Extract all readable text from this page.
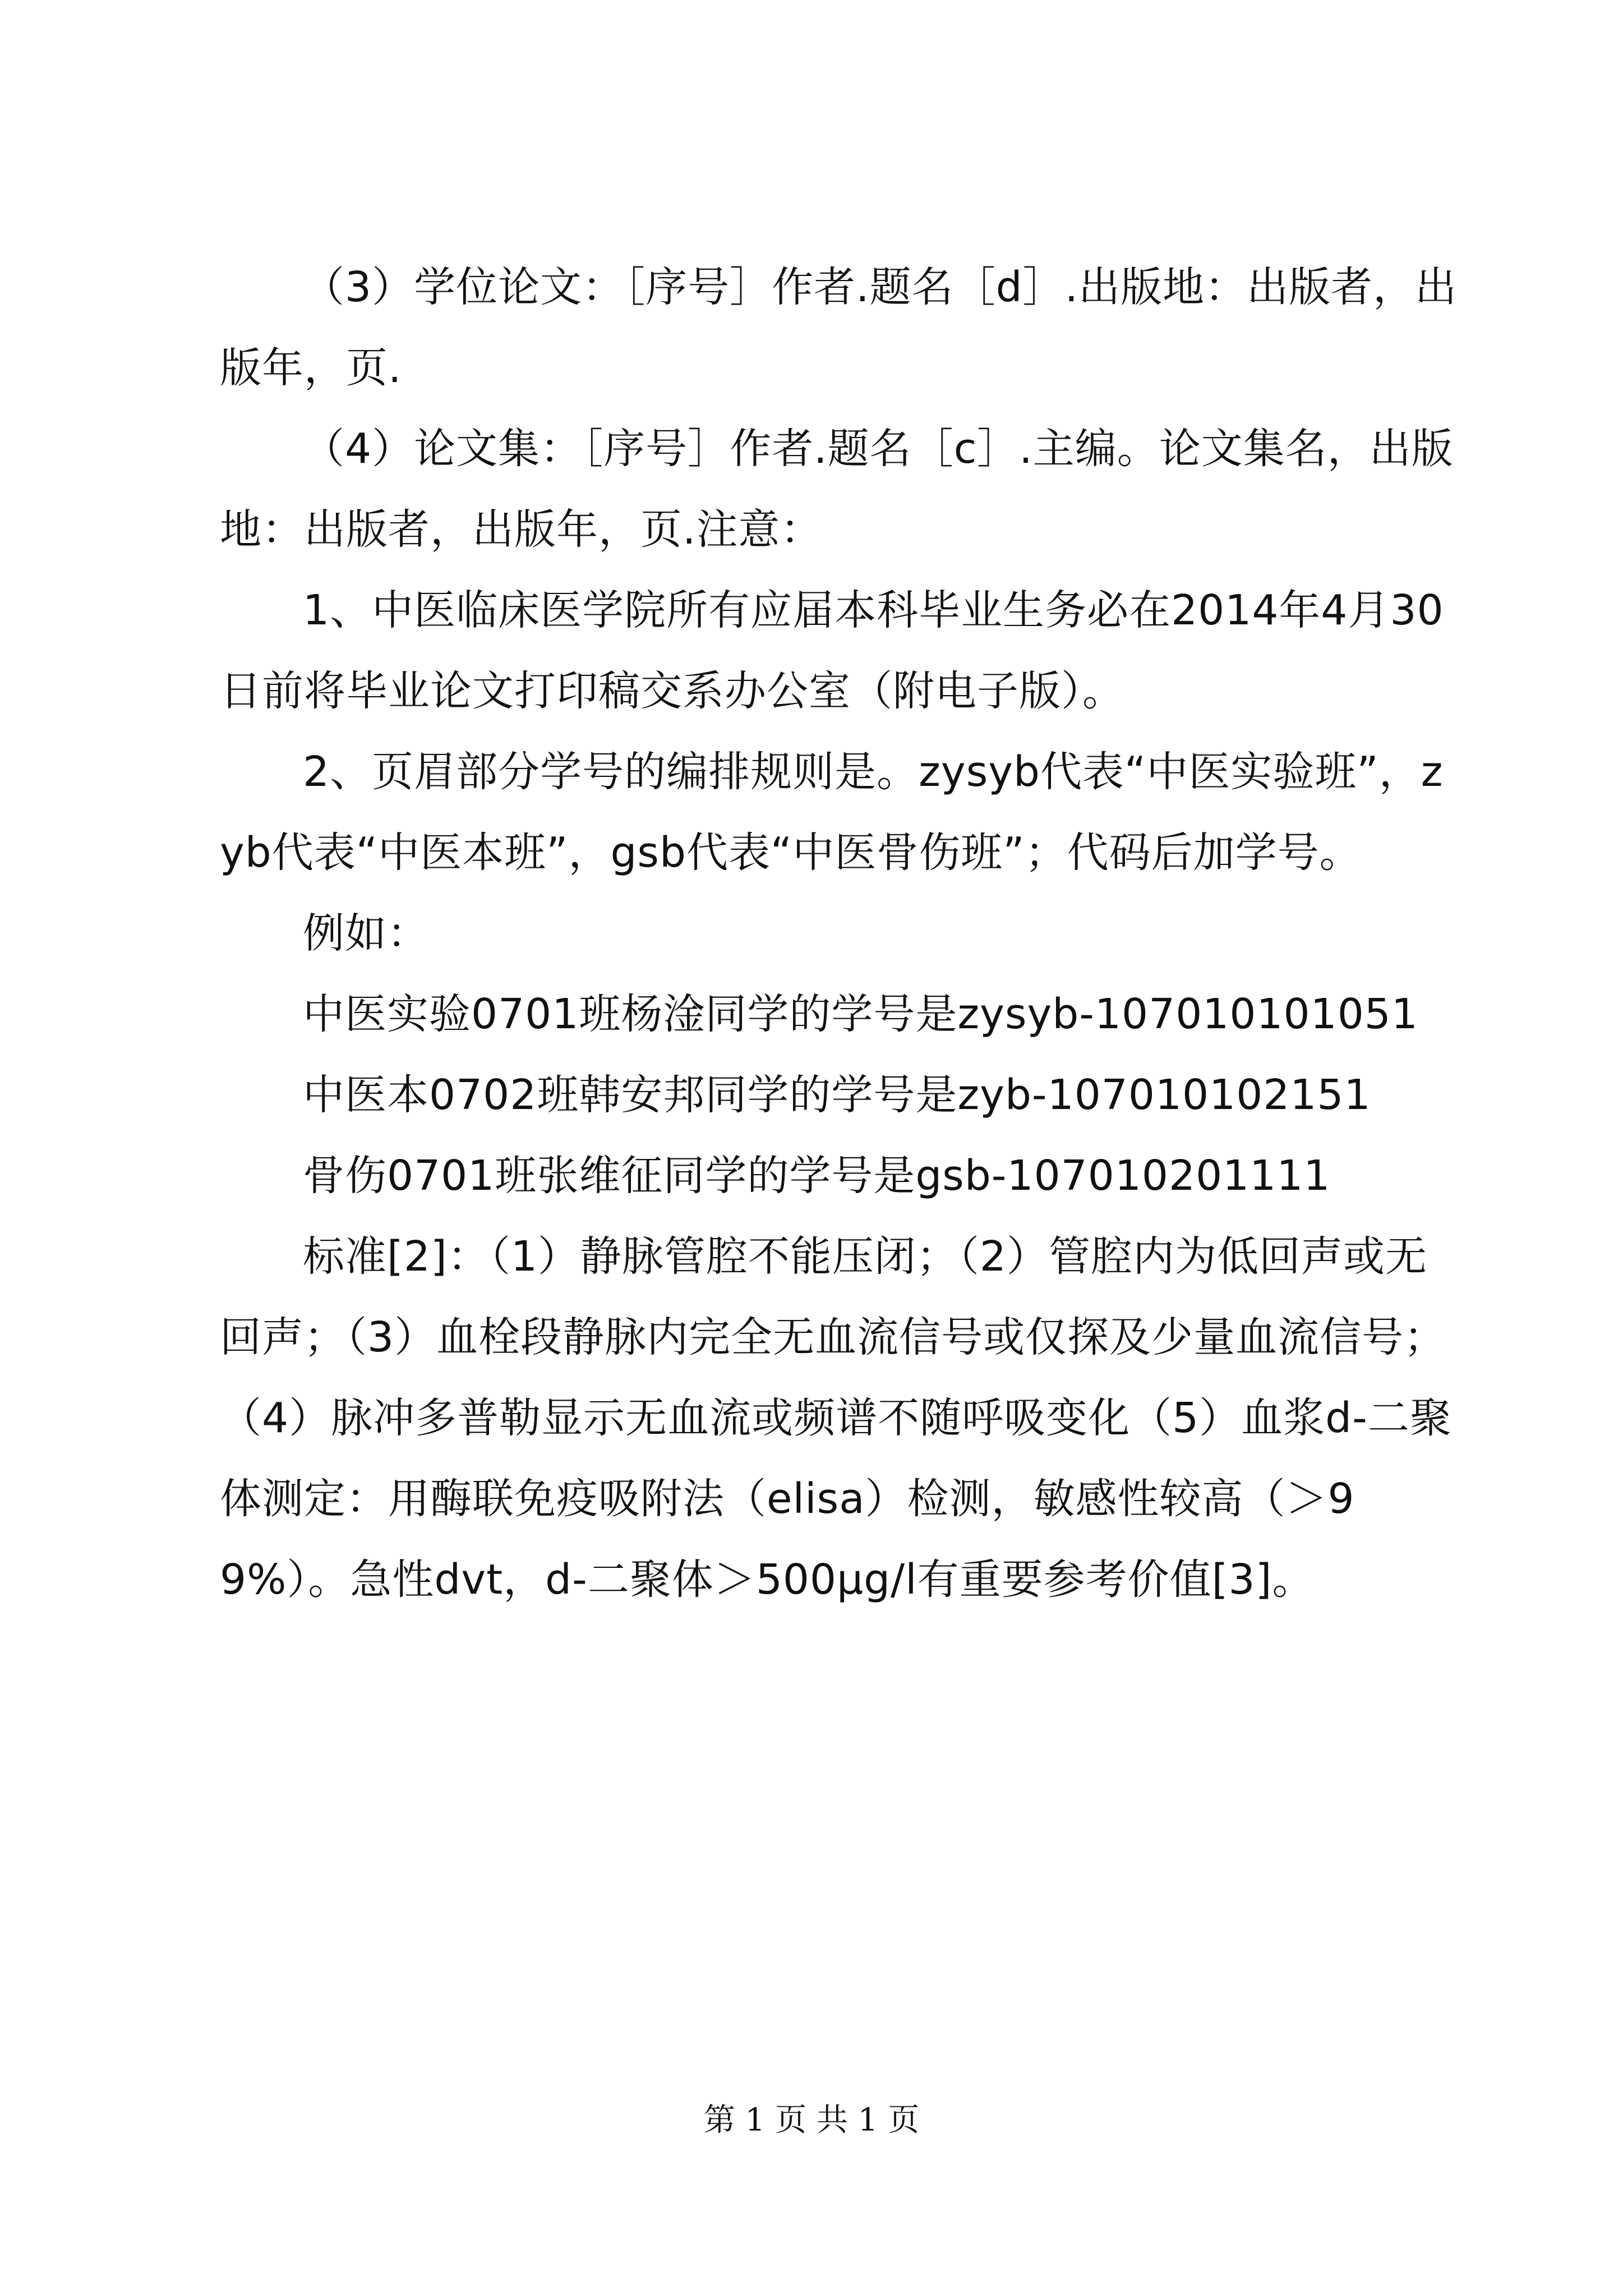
（3）学位论文：［序号］作者.题名［d］.出版地：出版者，出版年，页.

（4）论文集：［序号］作者.题名［c］.主编。论文集名，出版地：出版者，出版年，页.注意：

1、中医临床医学院所有应届本科毕业生务必在2014年4月30日前将毕业论文打印稿交系办公室（附电子版）。

2、页眉部分学号的编排规则是。zysyb代表“中医实验班”，zyb代表“中医本班”，gsb代表“中医骨伤班”；代码后加学号。

例如：

中医实验0701班杨淦同学的学号是zysyb-107010101051

中医本0702班韩安邦同学的学号是zyb-107010102151

骨伤0701班张维征同学的学号是gsb-107010201111

标准[2]：（1）静脉管腔不能压闭；（2）管腔内为低回声或无回声；（3）血栓段静脉内完全无血流信号或仅探及少量血流信号；（4）脉冲多普勒显示无血流或频谱不随呼吸变化（5）血浆d-二聚体测定：用酶联免疫吸附法（elisa）检测，敏感性较高（＞99%）。急性dvt，d-二聚体＞500μg/l有重要参考价值[3]。

第 1 页 共 1 页
